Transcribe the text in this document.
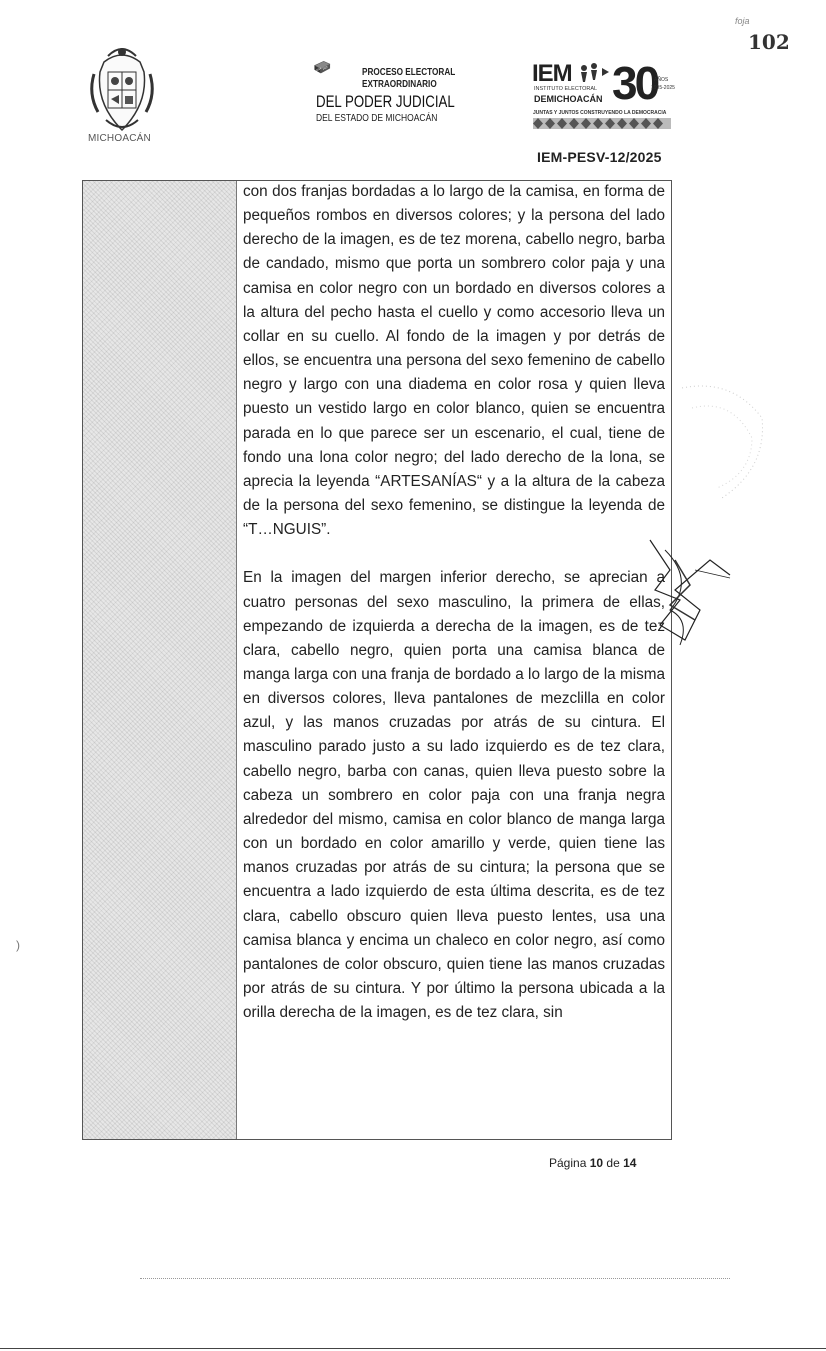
foja
102
MICHOACÁN
2024 2025	PROCESO ELECTORAL
EXTRAORDINARIO
DEL PODER JUDICIAL
DEL ESTADO DE MICHOACÁN
IEM
INSTITUTO ELECTORAL
DEMICHOACÁN 30
AÑOS
1995-2025
JUNTAS Y JUNTOS CONSTRUYENDO LA DEMOCRACIA
IEM-PESV-12/2025

con dos franjas bordadas a lo largo de la camisa, en forma de pequeños rombos en diversos colores; y la persona del lado derecho de la imagen, es de tez morena, cabello negro, barba de candado, mismo que porta un sombrero color paja y una camisa en color negro con un bordado en diversos colores a la altura del pecho hasta el cuello y como accesorio lleva un collar en su cuello. Al fondo de la imagen y por detrás de ellos, se encuentra una persona del sexo femenino de cabello negro y largo con una diadema en color rosa y quien lleva puesto un vestido largo en color blanco, quien se encuentra parada en lo que parece ser un escenario, el cual, tiene de fondo una lona color negro; del lado derecho de la lona, se aprecia la leyenda “ARTESANÍAS“ y a la altura de la cabeza de la persona del sexo femenino, se distingue la leyenda de “T…NGUIS”.

En la imagen del margen inferior derecho, se aprecian a cuatro personas del sexo masculino, la primera de ellas, empezando de izquierda a derecha de la imagen, es de tez clara, cabello negro, quien porta una camisa blanca de manga larga con una franja de bordado a lo largo de la misma en diversos colores, lleva pantalones de mezclilla en color azul, y las manos cruzadas por atrás de su cintura. El masculino parado justo a su lado izquierdo es de tez clara, cabello negro, barba con canas, quien lleva puesto sobre la cabeza un sombrero en color paja con una franja negra alrededor del mismo, camisa en color blanco de manga larga con un bordado en color amarillo y verde, quien tiene las manos cruzadas por atrás de su cintura; la persona que se encuentra a lado izquierdo de esta última descrita, es de tez clara, cabello obscuro quien lleva puesto lentes, usa una camisa blanca y encima un chaleco en color negro, así como pantalones de color obscuro, quien tiene las manos cruzadas por atrás de su cintura. Y por último la persona ubicada a la orilla derecha de la imagen, es de tez clara, sin

)
Página 10 de 14
